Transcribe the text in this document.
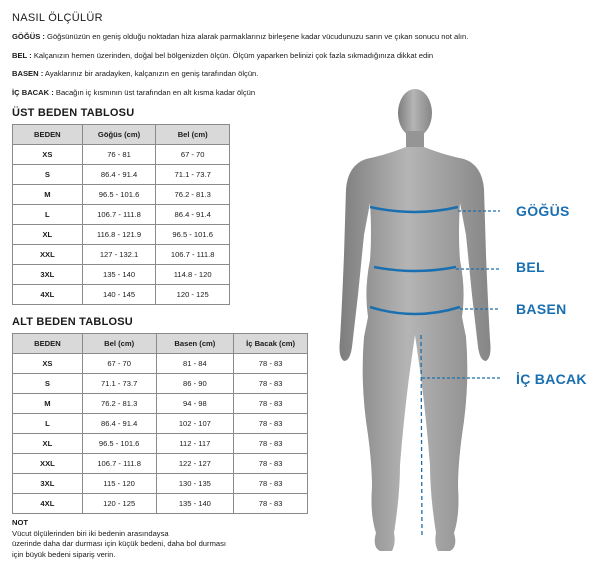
NASIL ÖLÇÜLÜR
GÖĞÜS : Göğsünüzün en geniş olduğu noktadan hiza alarak parmaklarınız birleşene kadar vücudunuzu sarın ve çıkan sonucu not alın.
BEL : Kalçanızın hemen üzerinden, doğal bel bölgenizden ölçün. Ölçüm yaparken belinizi çok fazla sıkmadığınıza dikkat edin
BASEN : Ayaklarınız bir aradayken, kalçanızın en geniş tarafından ölçün.
İÇ BACAK : Bacağın iç kısmının üst tarafından en alt kısma kadar ölçün
ÜST BEDEN TABLOSU
BEDEN	Göğüs (cm)	Bel (cm)
XS	76 - 81	67 - 70
S	86.4 - 91.4	71.1 - 73.7
M	96.5 - 101.6	76.2 - 81.3
L	106.7 - 111.8	86.4 - 91.4
XL	116.8 - 121.9	96.5 - 101.6
XXL	127 - 132.1	106.7 - 111.8
3XL	135 - 140	114.8 - 120
4XL	140 - 145	120 - 125
ALT BEDEN TABLOSU
BEDEN	Bel (cm)	Basen (cm)	İç Bacak (cm)
XS	67 - 70	81 - 84	78 - 83
S	71.1 - 73.7	86 - 90	78 - 83
M	76.2 - 81.3	94 - 98	78 - 83
L	86.4 - 91.4	102 - 107	78 - 83
XL	96.5 - 101.6	112 - 117	78 - 83
XXL	106.7 - 111.8	122 - 127	78 - 83
3XL	115 - 120	130 - 135	78 - 83
4XL	120 - 125	135 - 140	78 - 83
NOT
Vücut ölçülerinden biri iki bedenin arasındaysa
üzerinde daha dar durması için küçük bedeni, daha bol durması
için büyük bedeni sipariş verin.
GÖĞÜS
BEL
BASEN
İÇ BACAK
